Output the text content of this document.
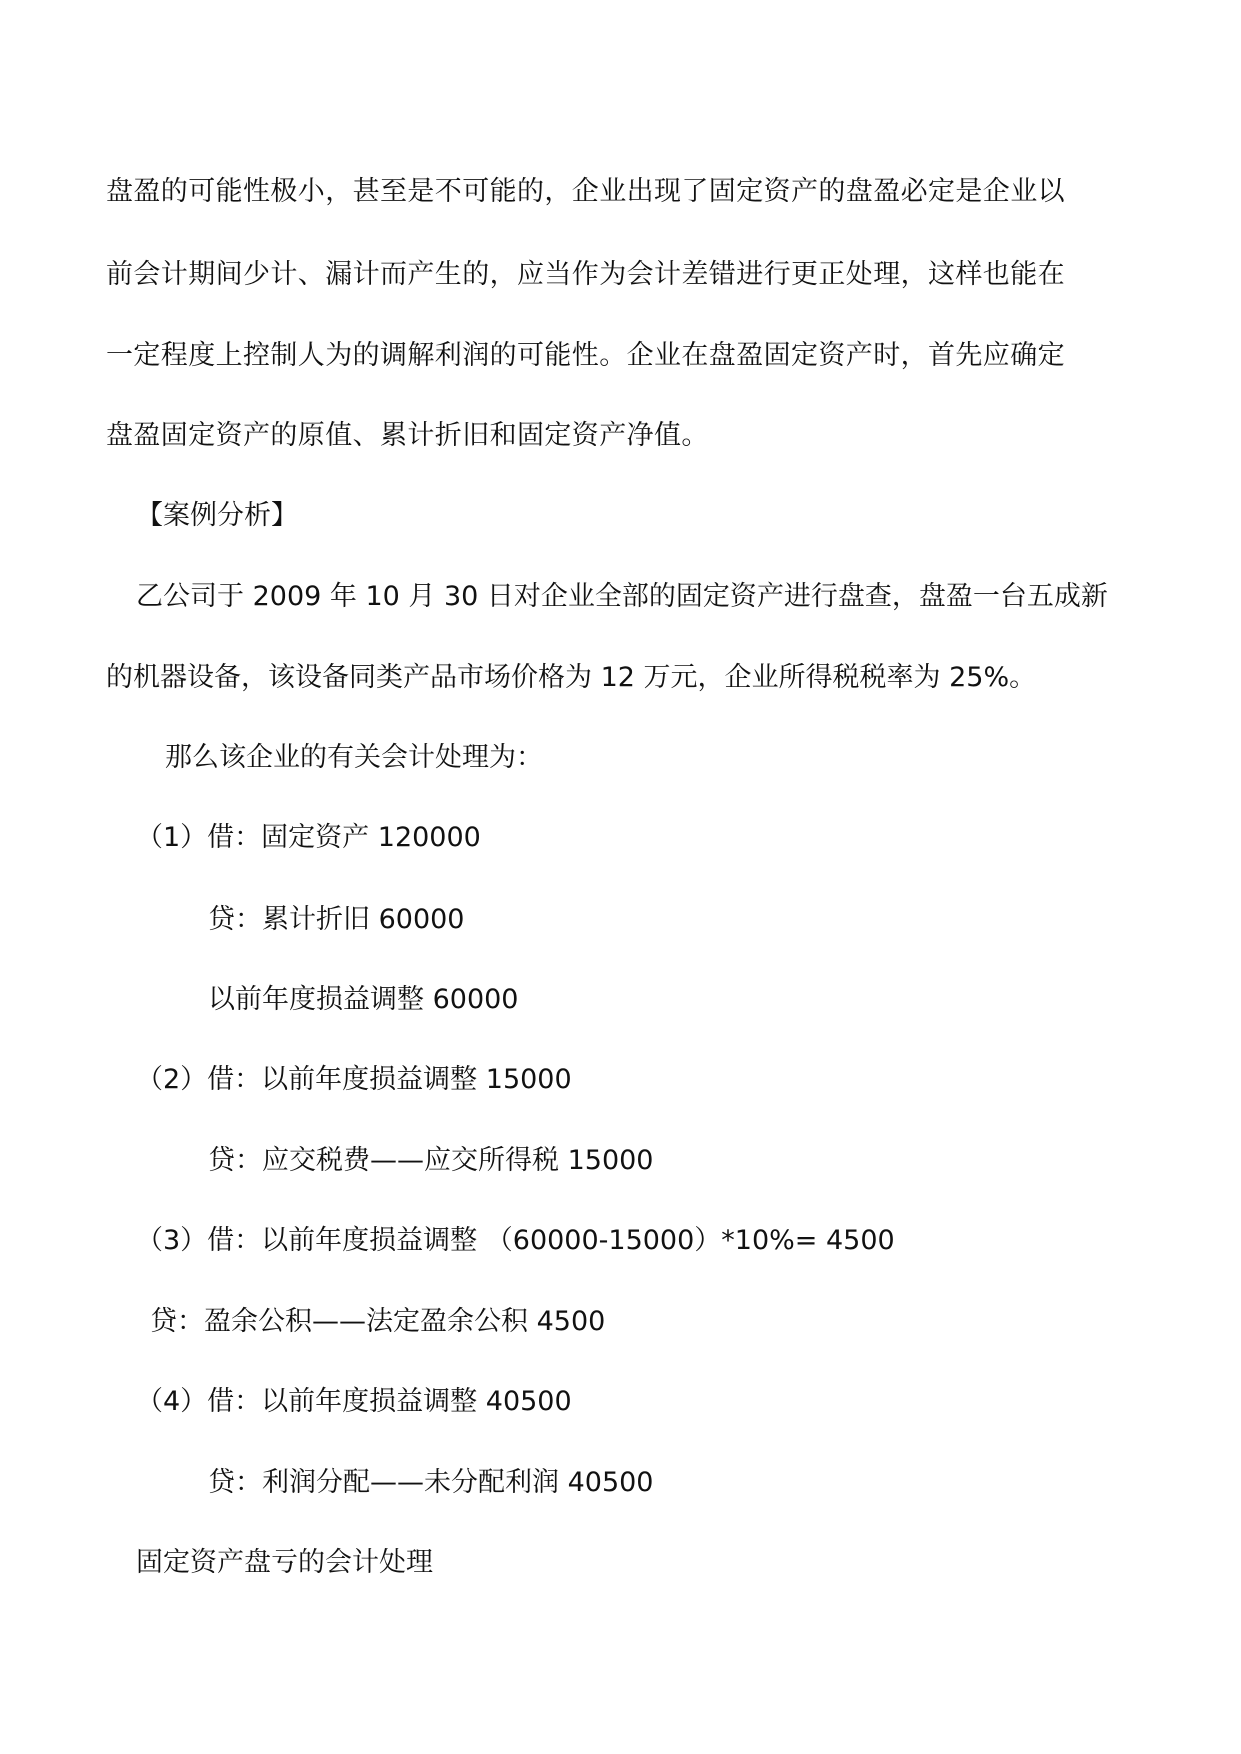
盘盈的可能性极小，甚至是不可能的，企业出现了固定资产的盘盈必定是企业以
前会计期间少计、漏计而产生的，应当作为会计差错进行更正处理，这样也能在
一定程度上控制人为的调解利润的可能性。企业在盘盈固定资产时，首先应确定
盘盈固定资产的原值、累计折旧和固定资产净值。
【案例分析】
乙公司于 2009 年 10 月 30 日对企业全部的固定资产进行盘查，盘盈一台五成新
的机器设备，该设备同类产品市场价格为 12 万元，企业所得税税率为 25%。
那么该企业的有关会计处理为：
（1）借：固定资产 120000
贷：累计折旧 60000
以前年度损益调整 60000
（2）借：以前年度损益调整 15000
贷：应交税费——应交所得税 15000
（3）借：以前年度损益调整 （60000-15000）*10%= 4500
贷：盈余公积——法定盈余公积 4500
（4）借：以前年度损益调整 40500
贷：利润分配——未分配利润 40500
固定资产盘亏的会计处理
